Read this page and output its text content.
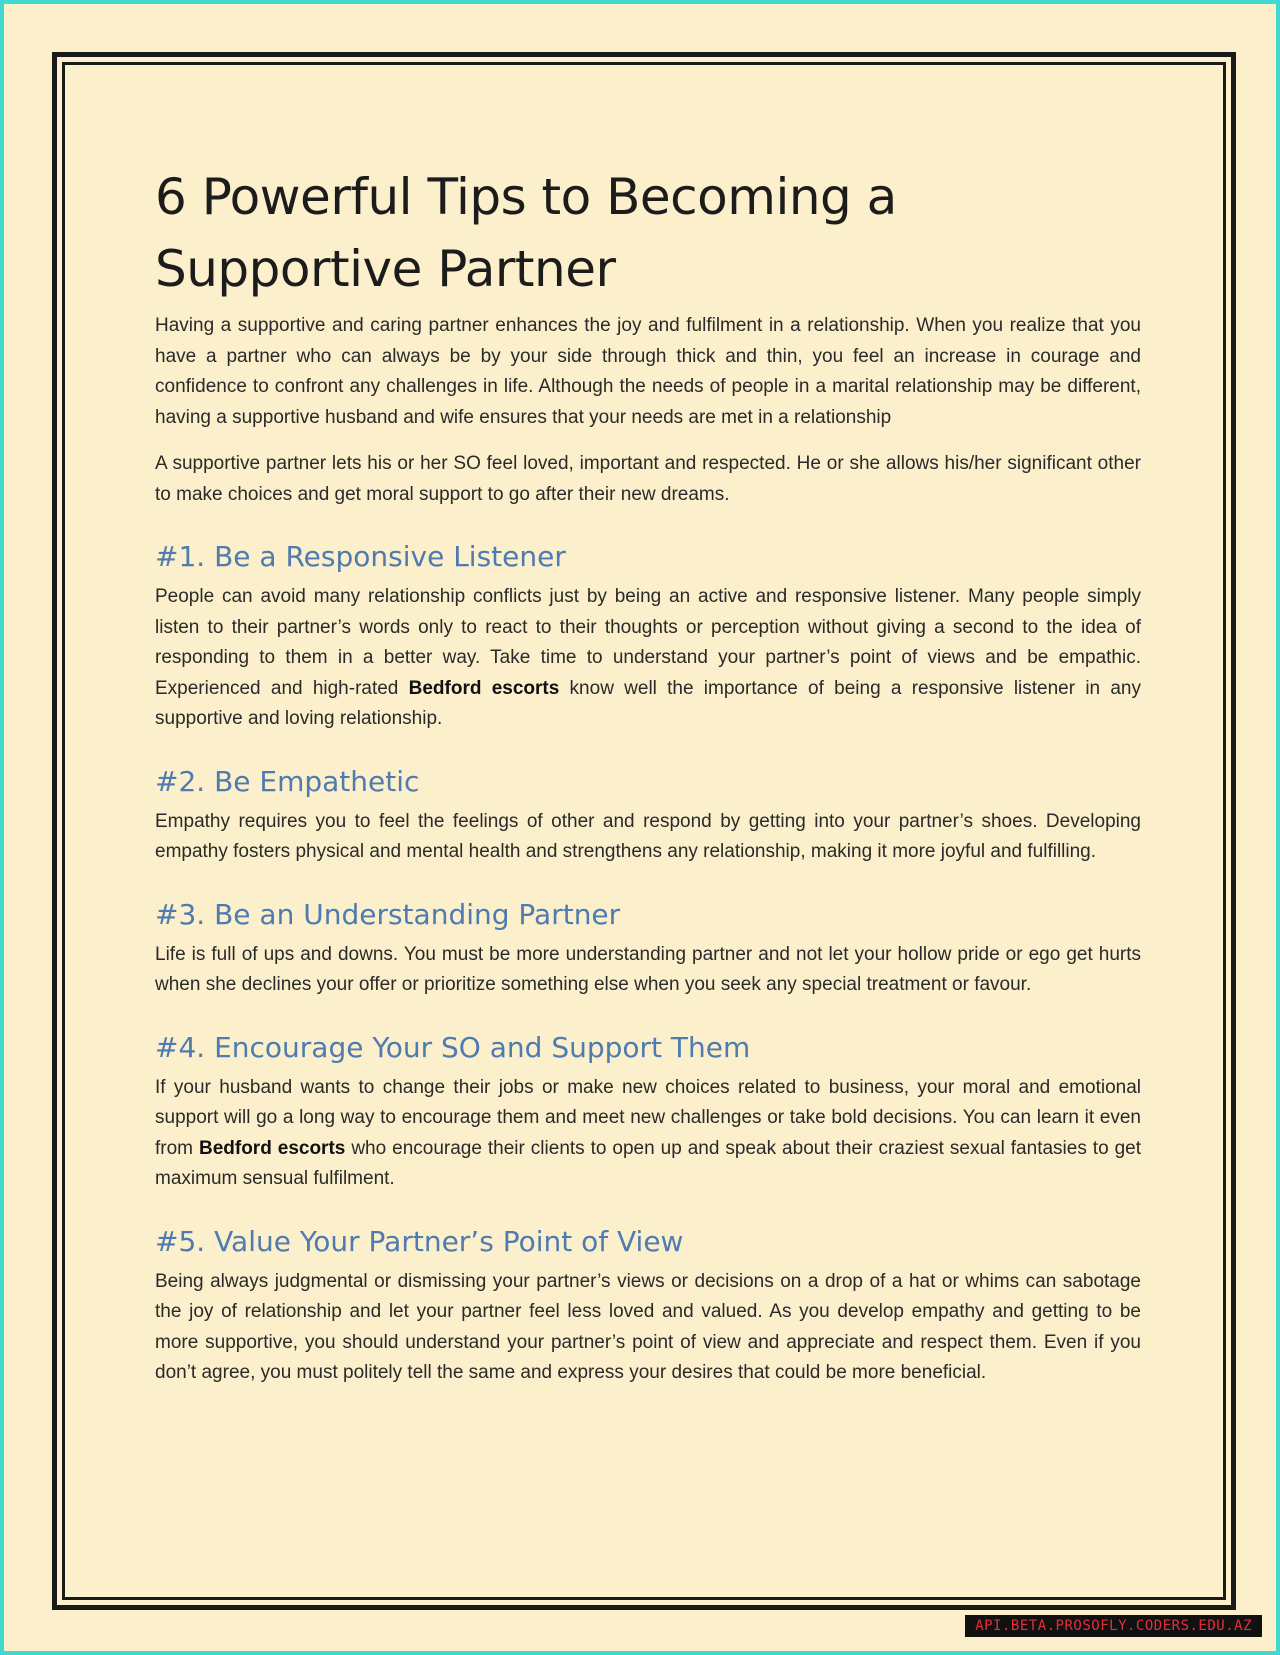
6 Powerful Tips to Becoming a Supportive Partner

Having a supportive and caring partner enhances the joy and fulfilment in a relationship. When you realize that you have a partner who can always be by your side through thick and thin, you feel an increase in courage and confidence to confront any challenges in life. Although the needs of people in a marital relationship may be different, having a supportive husband and wife ensures that your needs are met in a relationship

A supportive partner lets his or her SO feel loved, important and respected. He or she allows his/her significant other to make choices and get moral support to go after their new dreams.

#1. Be a Responsive Listener

People can avoid many relationship conflicts just by being an active and responsive listener. Many people simply listen to their partner’s words only to react to their thoughts or perception without giving a second to the idea of responding to them in a better way. Take time to understand your partner’s point of views and be empathic. Experienced and high-rated Bedford escorts know well the importance of being a responsive listener in any supportive and loving relationship.

#2. Be Empathetic

Empathy requires you to feel the feelings of other and respond by getting into your partner’s shoes. Developing empathy fosters physical and mental health and strengthens any relationship, making it more joyful and fulfilling.

#3. Be an Understanding Partner

Life is full of ups and downs. You must be more understanding partner and not let your hollow pride or ego get hurts when she declines your offer or prioritize something else when you seek any special treatment or favour.

#4. Encourage Your SO and Support Them

If your husband wants to change their jobs or make new choices related to business, your moral and emotional support will go a long way to encourage them and meet new challenges or take bold decisions. You can learn it even from Bedford escorts who encourage their clients to open up and speak about their craziest sexual fantasies to get maximum sensual fulfilment.

#5. Value Your Partner’s Point of View

Being always judgmental or dismissing your partner’s views or decisions on a drop of a hat or whims can sabotage the joy of relationship and let your partner feel less loved and valued. As you develop empathy and getting to be more supportive, you should understand your partner’s point of view and appreciate and respect them. Even if you don’t agree, you must politely tell the same and express your desires that could be more beneficial.

API.BETA.PROSOFLY.CODERS.EDU.AZ
